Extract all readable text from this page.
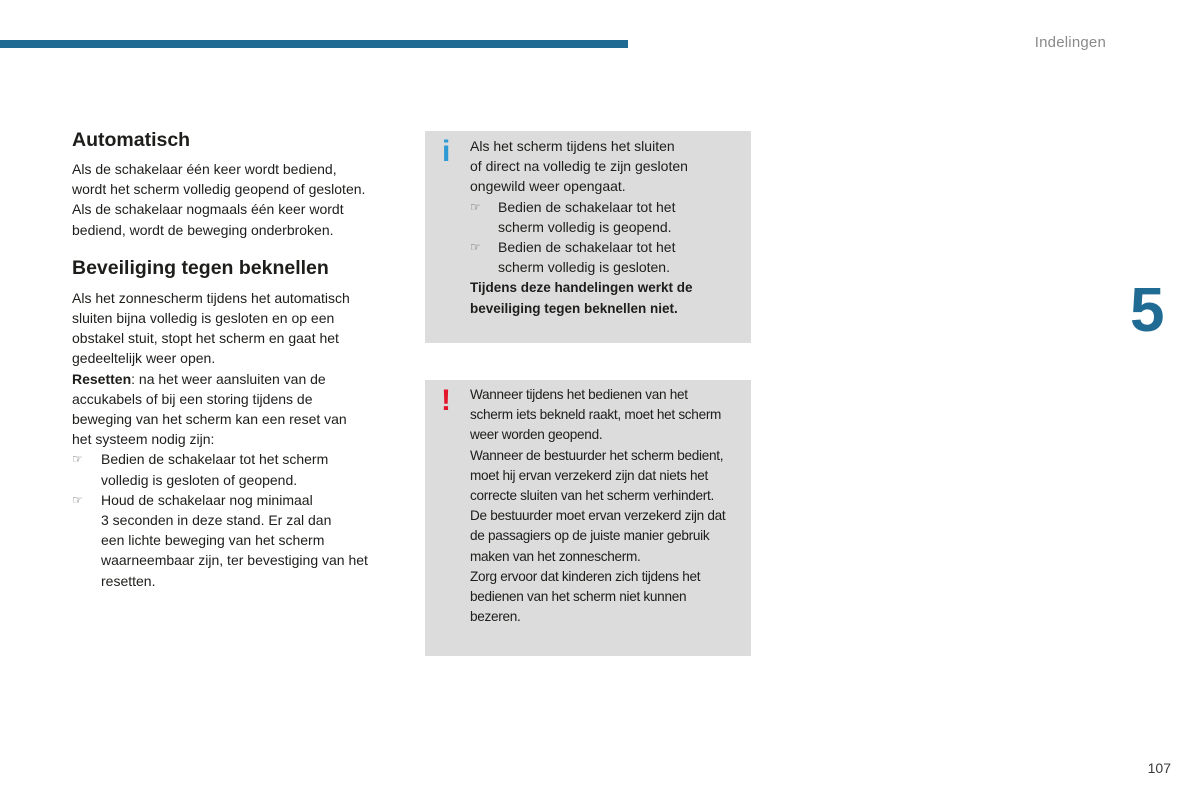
Indelingen
Automatisch

Als de schakelaar één keer wordt bediend,
wordt het scherm volledig geopend of gesloten.
Als de schakelaar nogmaals één keer wordt
bediend, wordt de beweging onderbroken.

Beveiliging tegen beknellen

Als het zonnescherm tijdens het automatisch
sluiten bijna volledig is gesloten en op een
obstakel stuit, stopt het scherm en gaat het
gedeeltelijk weer open.
Resetten: na het weer aansluiten van de
accukabels of bij een storing tijdens de
beweging van het scherm kan een reset van
het systeem nodig zijn:

☞ Bedien de schakelaar tot het scherm
volledig is gesloten of geopend.
☞ Houd de schakelaar nog minimaal
3 seconden in deze stand. Er zal dan
een lichte beweging van het scherm
waarneembaar zijn, ter bevestiging van het
resetten.
i Als het scherm tijdens het sluiten
of direct na volledig te zijn gesloten
ongewild weer opengaat.
☞ Bedien de schakelaar tot het
scherm volledig is geopend.
☞ Bedien de schakelaar tot het
scherm volledig is gesloten.
Tijdens deze handelingen werkt de
beveiliging tegen beknellen niet.
! Wanneer tijdens het bedienen van het
scherm iets bekneld raakt, moet het scherm
weer worden geopend.
Wanneer de bestuurder het scherm bedient,
moet hij ervan verzekerd zijn dat niets het
correcte sluiten van het scherm verhindert.
De bestuurder moet ervan verzekerd zijn dat
de passagiers op de juiste manier gebruik
maken van het zonnescherm.
Zorg ervoor dat kinderen zich tijdens het
bedienen van het scherm niet kunnen
bezeren.
5
107
